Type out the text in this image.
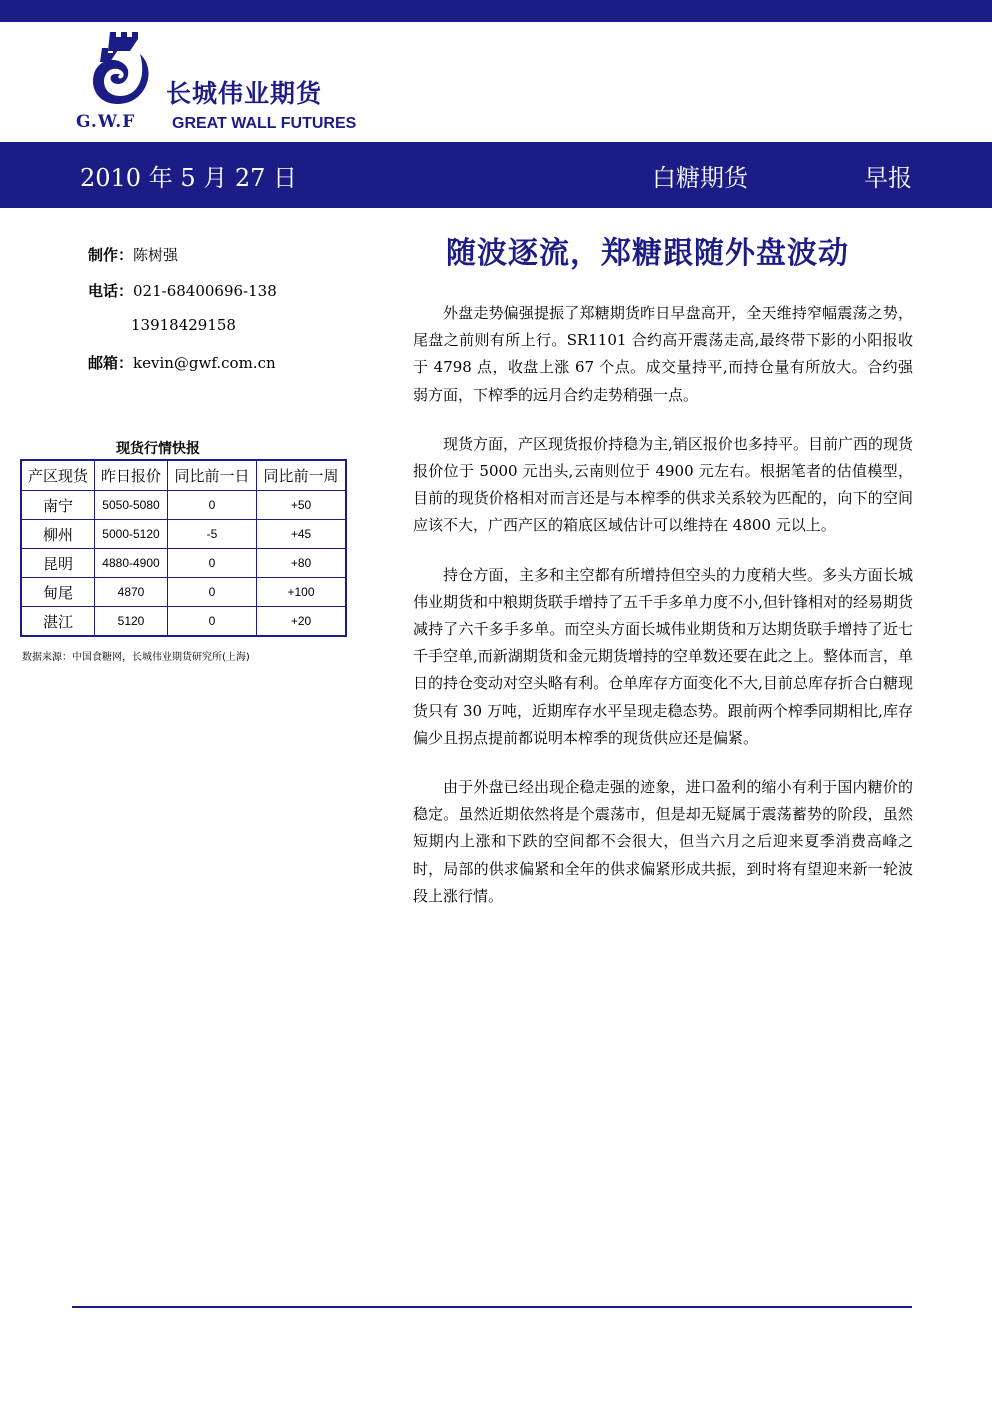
G.W.F
长城伟业期货
GREAT WALL FUTURES
2010 年 5 月 27 日	白糖期货	早报
制作：陈树强
电话：021-68400696-138
13918429158
邮箱：kevin@gwf.com.cn
随波逐流，郑糖跟随外盘波动

外盘走势偏强提振了郑糖期货昨日早盘高开，全天维持窄幅震荡之势，尾盘之前则有所上行。SR1101 合约高开震荡走高,最终带下影的小阳报收于 4798 点，收盘上涨 67 个点。成交量持平,而持仓量有所放大。合约强弱方面，下榨季的远月合约走势稍强一点。

现货方面，产区现货报价持稳为主,销区报价也多持平。目前广西的现货报价位于 5000 元出头,云南则位于 4900 元左右。根据笔者的估值模型，目前的现货价格相对而言还是与本榨季的供求关系较为匹配的，向下的空间应该不大，广西产区的箱底区域估计可以维持在 4800 元以上。

持仓方面，主多和主空都有所增持但空头的力度稍大些。多头方面长城伟业期货和中粮期货联手增持了五千手多单力度不小,但针锋相对的经易期货减持了六千多手多单。而空头方面长城伟业期货和万达期货联手增持了近七千手空单,而新湖期货和金元期货增持的空单数还要在此之上。整体而言，单日的持仓变动对空头略有利。仓单库存方面变化不大,目前总库存折合白糖现货只有 30 万吨，近期库存水平呈现走稳态势。跟前两个榨季同期相比,库存偏少且拐点提前都说明本榨季的现货供应还是偏紧。

由于外盘已经出现企稳走强的迹象，进口盈利的缩小有利于国内糖价的稳定。虽然近期依然将是个震荡市，但是却无疑属于震荡蓄势的阶段，虽然短期内上涨和下跌的空间都不会很大，但当六月之后迎来夏季消费高峰之时，局部的供求偏紧和全年的供求偏紧形成共振，到时将有望迎来新一轮波段上涨行情。

现货行情快报
产区现货	昨日报价	同比前一日	同比前一周
南宁	5050-5080	0	+50
柳州	5000-5120	-5	+45
昆明	4880-4900	0	+80
甸尾	4870	0	+100
湛江	5120	0	+20
数据来源：中国食糖网，长城伟业期货研究所(上海)
